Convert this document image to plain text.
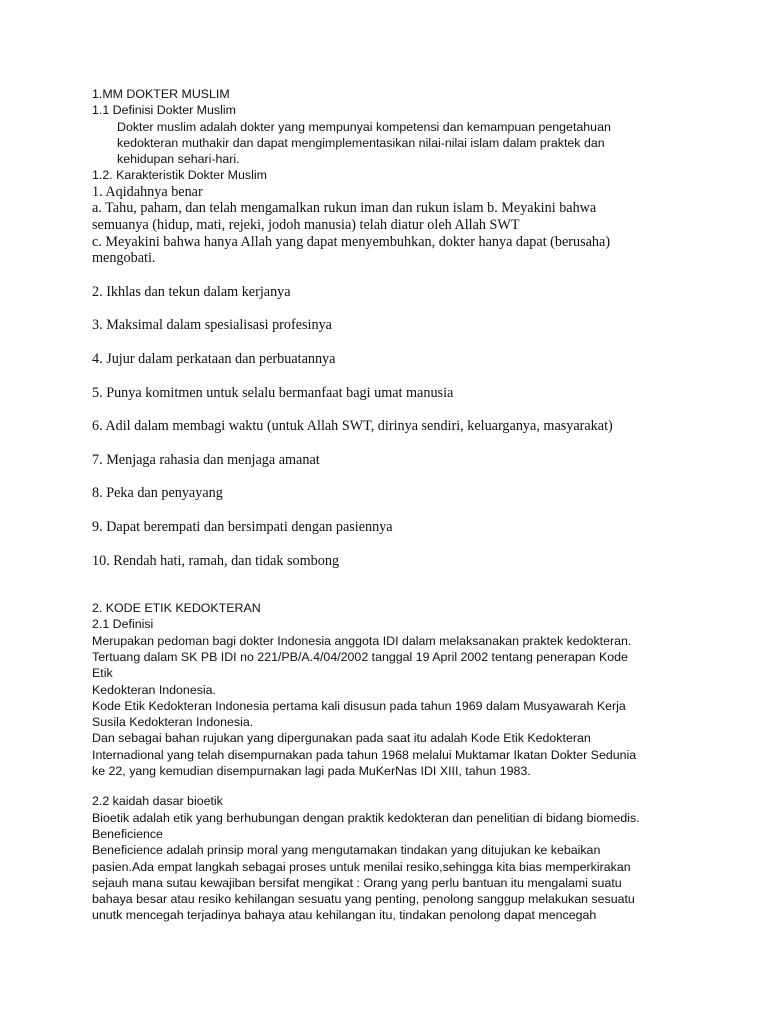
1.MM DOKTER MUSLIM

1.1 Definisi Dokter Muslim

Dokter muslim adalah dokter yang mempunyai kompetensi dan kemampuan pengetahuan

kedokteran muthakir dan dapat mengimplementasikan nilai-nilai islam dalam praktek dan

kehidupan sehari-hari.

1.2. Karakteristik Dokter Muslim

1. Aqidahnya benar

a. Tahu, paham, dan telah mengamalkan rukun iman dan rukun islam b. Meyakini bahwa

semuanya (hidup, mati, rejeki, jodoh manusia) telah diatur oleh Allah SWT

c. Meyakini bahwa hanya Allah yang dapat menyembuhkan, dokter hanya dapat (berusaha)

mengobati.

2. Ikhlas dan tekun dalam kerjanya

3. Maksimal dalam spesialisasi profesinya

4. Jujur dalam perkataan dan perbuatannya

5. Punya komitmen untuk selalu bermanfaat bagi umat manusia

6. Adil dalam membagi waktu (untuk Allah SWT, dirinya sendiri, keluarganya, masyarakat)

7. Menjaga rahasia dan menjaga amanat

8. Peka dan penyayang

9. Dapat berempati dan bersimpati dengan pasiennya

10. Rendah hati, ramah, dan tidak sombong

2. KODE ETIK KEDOKTERAN

2.1 Definisi

Merupakan pedoman bagi dokter Indonesia anggota IDI dalam melaksanakan praktek kedokteran.

Tertuang dalam SK PB IDI no 221/PB/A.4/04/2002 tanggal 19 April 2002 tentang penerapan Kode

Etik

Kedokteran Indonesia.

Kode Etik Kedokteran Indonesia pertama kali disusun pada tahun 1969 dalam Musyawarah Kerja

Susila Kedokteran Indonesia.

Dan sebagai bahan rujukan yang dipergunakan pada saat itu adalah Kode Etik Kedokteran

Internadional yang telah disempurnakan pada tahun 1968 melalui Muktamar Ikatan Dokter Sedunia

ke 22, yang kemudian disempurnakan lagi pada MuKerNas IDI XIII, tahun 1983.

2.2 kaidah dasar bioetik

Bioetik adalah etik yang berhubungan dengan praktik kedokteran dan penelitian di bidang biomedis.

Beneficience

Beneficience adalah prinsip moral yang mengutamakan tindakan yang ditujukan ke kebaikan

pasien.Ada empat langkah sebagai proses untuk menilai resiko,sehingga kita bias memperkirakan

sejauh mana sutau kewajiban bersifat mengikat : Orang yang perlu bantuan itu mengalami suatu

bahaya besar atau resiko kehilangan sesuatu yang penting, penolong sanggup melakukan sesuatu

unutk mencegah terjadinya bahaya atau kehilangan itu, tindakan penolong dapat mencegah
